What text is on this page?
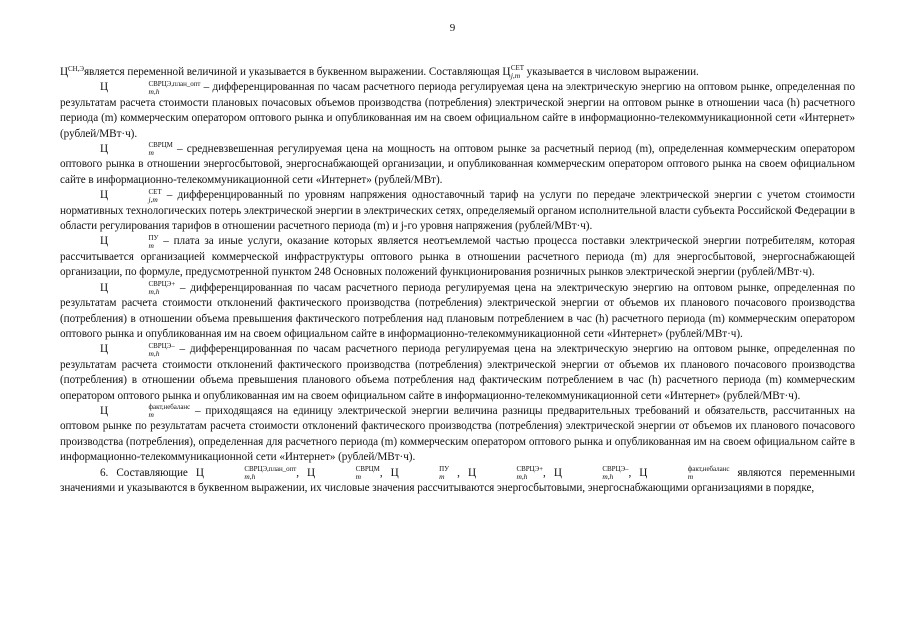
9

$Ц^{СН,Э}является$ переменной величиной и указывается в буквенном выражении. Составляющая Ц СЕТ
j,m указывается в числовом выражении.

Ц	СВРЦЭ,план_опт
m,h	– дифференцированная по часам расчетного периода регулируемая цена на электрическую энергию на оптовом рынке, определенная по результатам расчета стоимости плановых почасовых объемов производства (потребления) электрической энергии на оптовом рынке в отношении часа (h) расчетного периода (m) коммерческим оператором оптового рынка и опубликованная им на своем официальном сайте в информационно-телекоммуникационной сети «Интернет» (рублей/МВт·ч).

Ц	СВРЦМ
m	– средневзвешенная регулируемая цена на мощность на оптовом рынке за расчетный период (m), определенная коммерческим оператором оптового рынка в отношении энергосбытовой, энергоснабжающей организации, и опубликованная коммерческим оператором оптового рынка на своем официальном сайте в информационно-телекоммуникационной сети «Интернет» (рублей/МВт).

Ц	СЕТ
j,m – дифференцированный по уровням напряжения одноставочный тариф на услуги по передаче электрической энергии с учетом стоимости нормативных технологических потерь электрической энергии в электрических сетях, определяемый органом исполнительной власти субъекта Российской Федерации в области регулирования тарифов в отношении расчетного периода (m) и j-го уровня напряжения (рублей/МВт·ч).

Ц	ПУ
m – плата за иные услуги, оказание которых является неотъемлемой частью процесса поставки электрической энергии потребителям, которая рассчитывается организацией коммерческой инфраструктуры оптового рынка в отношении расчетного периода (m) для энергосбытовой, энергоснабжающей организации, по формуле, предусмотренной пунктом 248 Основных положений функционирования розничных рынков электрической энергии (рублей/МВт·ч).

Ц	СВРЦЭ+
m,h	– дифференцированная по часам расчетного периода регулируемая цена на электрическую энергию на оптовом рынке, определенная по результатам расчета стоимости отклонений фактического производства (потребления) электрической энергии от объемов их планового почасового производства (потребления) в отношении объема превышения фактического потребления над плановым потреблением в час (h) расчетного периода (m) коммерческим оператором оптового рынка и опубликованная им на своем официальном сайте в информационно-телекоммуникационной сети «Интернет» (рублей/МВт·ч).

Ц	СВРЦЭ–
m,h	– дифференцированная по часам расчетного периода регулируемая цена на электрическую энергию на оптовом рынке, определенная по результатам расчета стоимости отклонений фактического производства (потребления) электрической энергии от объемов их планового почасового производства (потребления) в отношении объема превышения планового объема потребления над фактическим потреблением в час (h) расчетного периода (m) коммерческим оператором оптового рынка и опубликованная им на своем официальном сайте в информационно-телекоммуникационной сети «Интернет» (рублей/МВт·ч).

Ц	факт,небаланс
m	– приходящаяся на единицу электрической энергии величина разницы предварительных требований и обязательств, рассчитанных на оптовом рынке по результатам расчета стоимости отклонений фактического производства (потребления) электрической энергии от объемов их планового почасового производства (потребления), определенная для расчетного периода (m) коммерческим оператором оптового рынка и опубликованная им на своем официальном сайте в информационно-телекоммуникационной сети «Интернет» (рублей/МВт·ч).

6. Составляющие Ц	СВРЦЭ,план_опт
m,h	, Ц	СВРЦМ
m	, Ц	ПУ
m , Ц	СВРЦЭ+
m,h	, Ц	СВРЦЭ–
m,h	, Ц	факт,небаланс
m	являются переменными значениями и указываются в буквенном выражении, их числовые значения рассчитываются энергосбытовыми, энергоснабжающими организациями в порядке,
